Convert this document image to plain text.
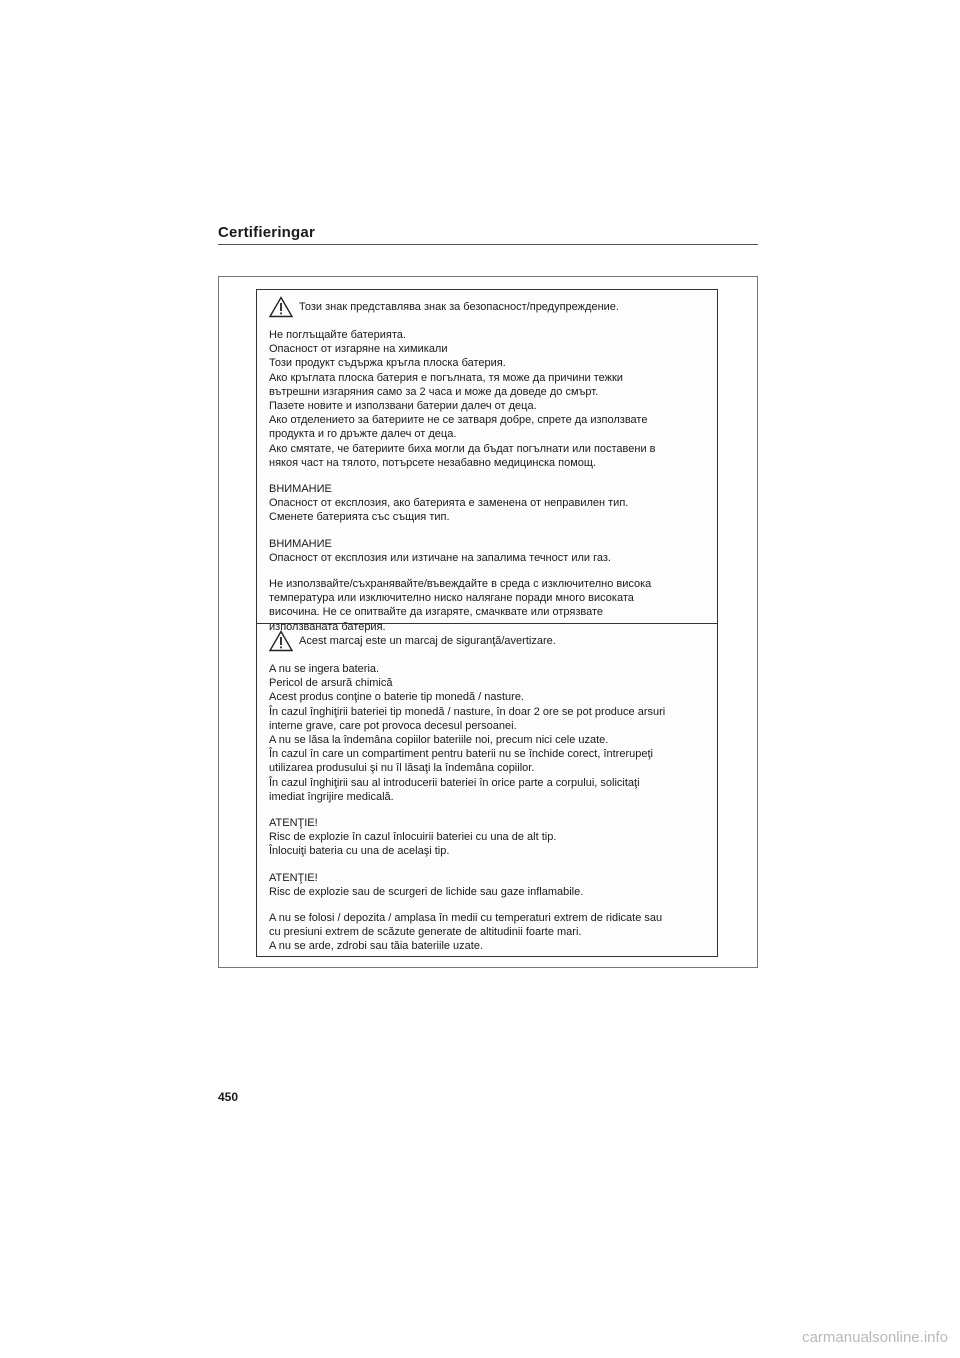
Certifieringar
Този знак представлява знак за безопасност/предупреждение.
Не поглъщайте батерията.
Опасност от изгаряне на химикали
Този продукт съдържа кръгла плоска батерия.
Ако кръглата плоска батерия е погълната, тя може да причини тежки
вътрешни изгаряния само за 2 часа и може да доведе до смърт.
Пазете новите и използвани батерии далеч от деца.
Ако отделението за батериите не се затваря добре, спрете да използвате
продукта и го дръжте далеч от деца.
Ако смятате, че батериите биха могли да бъдат погълнати или поставени в
някоя част на тялото, потърсете незабавно медицинска помощ.
ВНИМАНИЕ
Опасност от експлозия, ако батерията е заменена от неправилен тип.
Сменете батерията със същия тип.
ВНИМАНИЕ
Опасност от експлозия или изтичане на запалима течност или газ.
Не използвайте/съхранявайте/въвеждайте в среда с изключително висока
температура или изключително ниско налягане поради много високата
височина. Не се опитвайте да изгаряте, смачквате или отрязвате
използваната батерия.
Acest marcaj este un marcaj de siguranţă/avertizare.
A nu se ingera bateria.
Pericol de arsură chimică
Acest produs conţine o baterie tip monedă / nasture.
În cazul înghiţirii bateriei tip monedă / nasture, în doar 2 ore se pot produce arsuri
interne grave, care pot provoca decesul persoanei.
A nu se lăsa la îndemâna copiilor bateriile noi, precum nici cele uzate.
În cazul în care un compartiment pentru baterii nu se închide corect, întrerupeţi
utilizarea produsului şi nu îl lăsaţi la îndemâna copiilor.
În cazul înghiţirii sau al introducerii bateriei în orice parte a corpului, solicitaţi
imediat îngrijire medicală.
ATENŢIE!
Risc de explozie în cazul înlocuirii bateriei cu una de alt tip.
Înlocuiţi bateria cu una de acelaşi tip.
ATENŢIE!
Risc de explozie sau de scurgeri de lichide sau gaze inflamabile.
A nu se folosi / depozita / amplasa în medii cu temperaturi extrem de ridicate sau
cu presiuni extrem de scăzute generate de altitudinii foarte mari.
A nu se arde, zdrobi sau tăia bateriile uzate.
450
carmanualsonline.info
